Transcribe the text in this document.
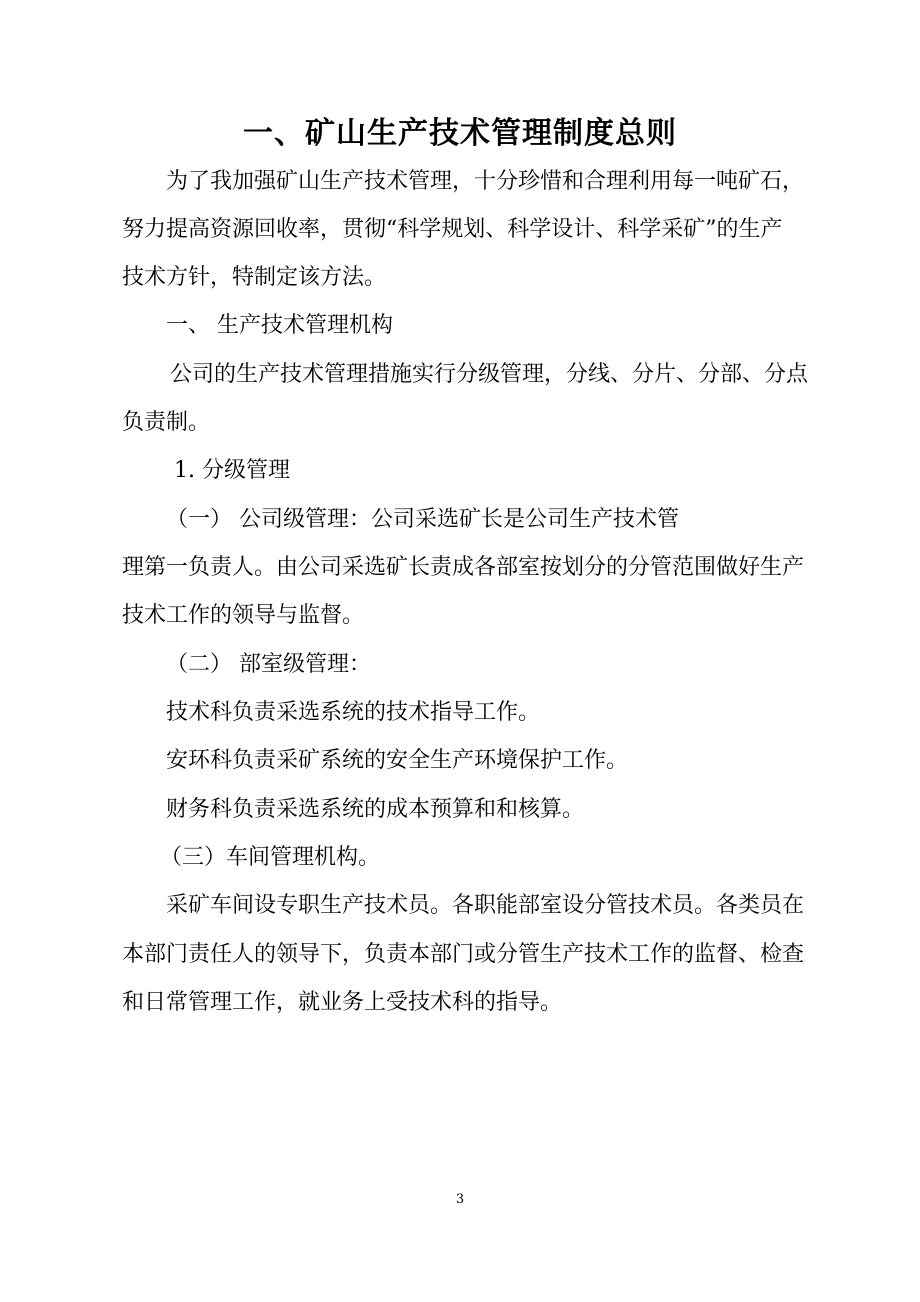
一、矿山生产技术管理制度总则

为了我加强矿山生产技术管理，十分珍惜和合理利用每一吨矿石，

努力提高资源回收率，贯彻“科学规划、科学设计、科学采矿”的生产

技术方针，特制定该方法。

一、 生产技术管理机构

公司的生产技术管理措施实行分级管理，分线、分片、分部、分点

负责制。

1. 分级管理

（一） 公司级管理：公司采选矿长是公司生产技术管

理第一负责人。由公司采选矿长责成各部室按划分的分管范围做好生产

技术工作的领导与监督。

（二） 部室级管理：

技术科负责采选系统的技术指导工作。

安环科负责采矿系统的安全生产环境保护工作。

财务科负责采选系统的成本预算和和核算。

（三）车间管理机构。

采矿车间设专职生产技术员。各职能部室设分管技术员。各类员在

本部门责任人的领导下，负责本部门或分管生产技术工作的监督、检查

和日常管理工作，就业务上受技术科的指导。

3
